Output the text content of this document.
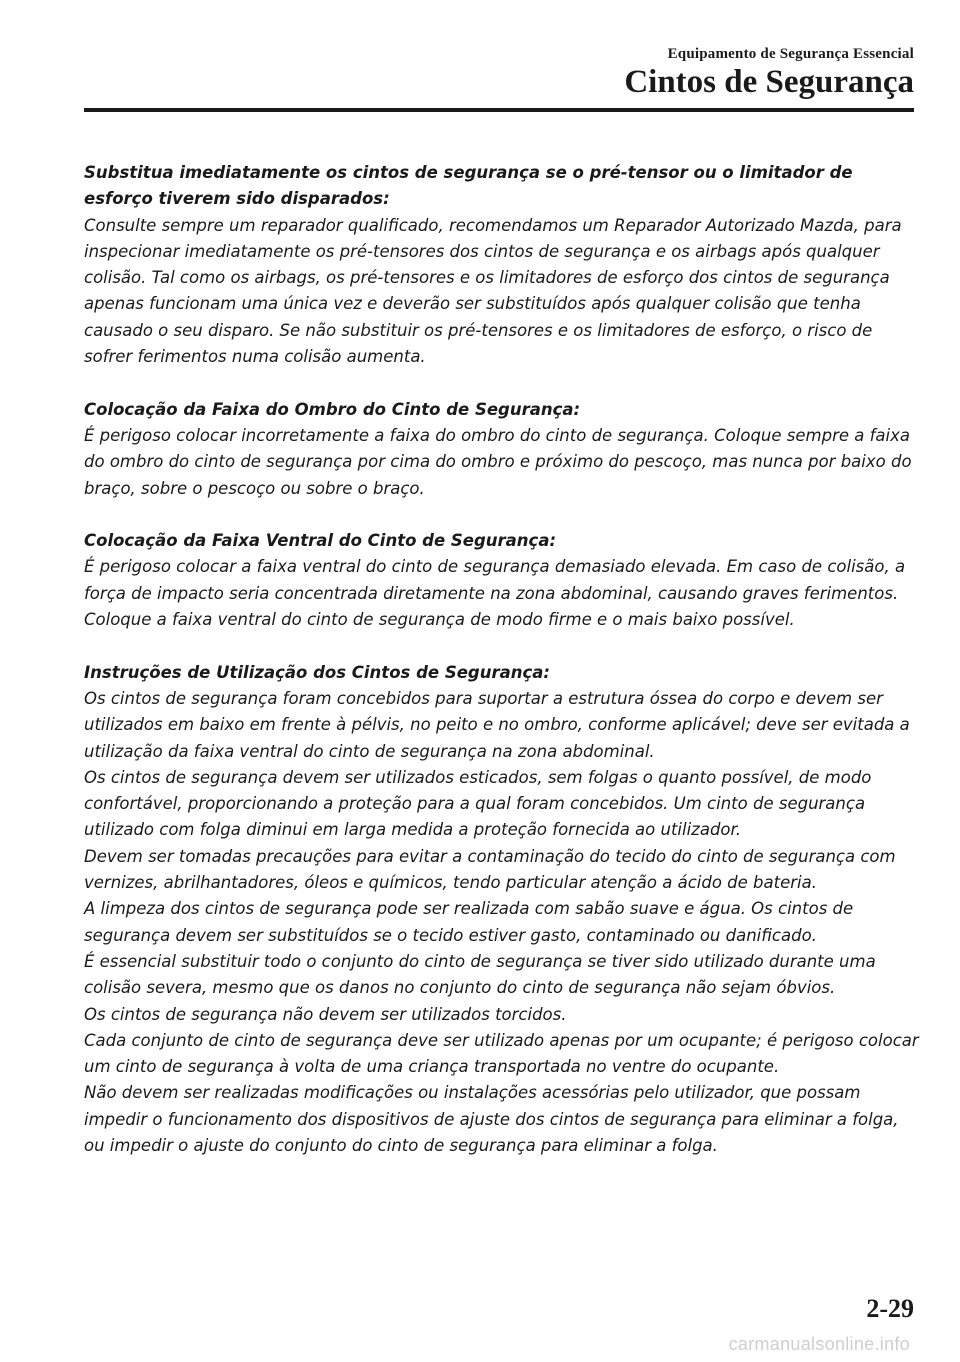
Equipamento de Segurança Essencial
Cintos de Segurança

Substitua imediatamente os cintos de segurança se o pré-tensor ou o limitador de esforço tiverem sido disparados:

Consulte sempre um reparador qualificado, recomendamos um Reparador Autorizado Mazda, para inspecionar imediatamente os pré-tensores dos cintos de segurança e os airbags após qualquer colisão. Tal como os airbags, os pré-tensores e os limitadores de esforço dos cintos de segurança apenas funcionam uma única vez e deverão ser substituídos após qualquer colisão que tenha causado o seu disparo. Se não substituir os pré-tensores e os limitadores de esforço, o risco de sofrer ferimentos numa colisão aumenta.

Colocação da Faixa do Ombro do Cinto de Segurança:

É perigoso colocar incorretamente a faixa do ombro do cinto de segurança. Coloque sempre a faixa do ombro do cinto de segurança por cima do ombro e próximo do pescoço, mas nunca por baixo do braço, sobre o pescoço ou sobre o braço.

Colocação da Faixa Ventral do Cinto de Segurança:

É perigoso colocar a faixa ventral do cinto de segurança demasiado elevada. Em caso de colisão, a força de impacto seria concentrada diretamente na zona abdominal, causando graves ferimentos. Coloque a faixa ventral do cinto de segurança de modo firme e o mais baixo possível.

Instruções de Utilização dos Cintos de Segurança:

Os cintos de segurança foram concebidos para suportar a estrutura óssea do corpo e devem ser utilizados em baixo em frente à pélvis, no peito e no ombro, conforme aplicável; deve ser evitada a utilização da faixa ventral do cinto de segurança na zona abdominal.

Os cintos de segurança devem ser utilizados esticados, sem folgas o quanto possível, de modo confortável, proporcionando a proteção para a qual foram concebidos. Um cinto de segurança utilizado com folga diminui em larga medida a proteção fornecida ao utilizador.

Devem ser tomadas precauções para evitar a contaminação do tecido do cinto de segurança com vernizes, abrilhantadores, óleos e químicos, tendo particular atenção a ácido de bateria.

A limpeza dos cintos de segurança pode ser realizada com sabão suave e água. Os cintos de segurança devem ser substituídos se o tecido estiver gasto, contaminado ou danificado.

É essencial substituir todo o conjunto do cinto de segurança se tiver sido utilizado durante uma colisão severa, mesmo que os danos no conjunto do cinto de segurança não sejam óbvios.

Os cintos de segurança não devem ser utilizados torcidos.

Cada conjunto de cinto de segurança deve ser utilizado apenas por um ocupante; é perigoso colocar um cinto de segurança à volta de uma criança transportada no ventre do ocupante.

Não devem ser realizadas modificações ou instalações acessórias pelo utilizador, que possam impedir o funcionamento dos dispositivos de ajuste dos cintos de segurança para eliminar a folga, ou impedir o ajuste do conjunto do cinto de segurança para eliminar a folga.

2-29
carmanualsonline.info
